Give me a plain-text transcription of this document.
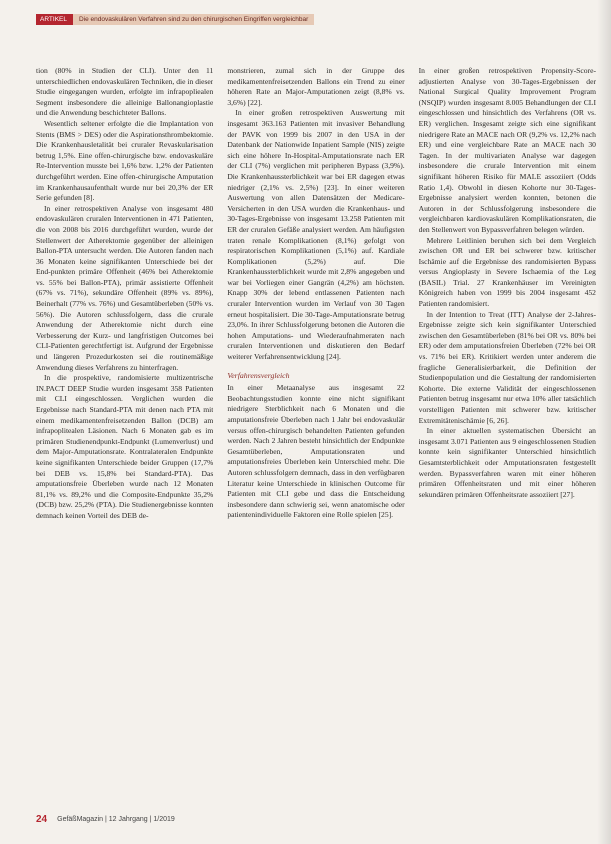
ARTIKEL	Die endovaskulären Verfahren sind zu den chirurgischen Eingriffen vergleichbar

tion (80% in Studien der CLI). Unter den 11 unterschiedlichen endovaskulären Techniken, die in dieser Studie eingegangen wurden, erfolgte im infrapopliealen Segment insbesondere die alleinige Ballonangioplastie und die Anwendung beschichteter Ballons.

Wesentlich seltener erfolgte die die Implantation von Stents (BMS > DES) oder die Aspirationsthrombektomie. Die Krankenhausletalität bei cruraler Revaskularisation betrug 1,5%. Eine offen-chirurgische bzw. endovaskuläre Re-Intervention musste bei 1,6% bzw. 1,2% der Patienten durchgeführt werden. Eine offen-chirurgische Amputation im Krankenhausaufenthalt wurde nur bei 20,3% der ER Serie gefunden [8].

In einer retrospektiven Analyse von insgesamt 480 endovaskulären cruralen Interventionen in 471 Patienten, die von 2008 bis 2016 durchgeführt wurden, wurde der Stellenwert der Atherektomie gegenüber der alleinigen Ballon-PTA untersucht werden. Die Autoren fanden nach 36 Monaten keine signifikanten Unterschiede bei der End-punkten primäre Offenheit (46% bei Atherektomie vs. 55% bei Ballon-PTA), primär assistierte Offenheit (67% vs. 71%), sekundäre Offenheit (89% vs. 89%), Beinerhalt (77% vs. 76%) und Gesamtüberleben (50% vs. 56%). Die Autoren schlussfolgern, dass die crurale Anwendung der Atherektomie nicht durch eine Verbesserung der Kurz- und langfristigen Outcomes bei CLI-Patienten gerechtfertigt ist. Aufgrund der Ergebnisse und längeren Prozedurkosten sei die routinemäßige Anwendung dieses Verfahrens zu hinterfragen.

In die prospektive, randomisierte multizentrische IN.PACT DEEP Studie wurden insgesamt 358 Patienten mit CLI eingeschlossen. Verglichen wurden die Ergebnisse nach Standard-PTA mit denen nach PTA mit einem medikamentenfreisetzenden Ballon (DCB) am infrapoplitealen Läsionen. Nach 6 Monaten gab es im primären Studienendpunkt-Endpunkt (Lumenverlust) und dem Major-Amputationsrate. Kontralateralen Endpunkte keine signifikanten Unterschiede beider Gruppen (17,7% bei DEB vs. 15,8% bei Standard-PTA). Das amputationsfreie Überleben wurde nach 12 Monaten 81,1% vs. 89,2% und die Composite-Endpunkte 35,2% (DCB) bzw. 25,2% (PTA). Die Studienergebnisse konnten demnach keinen Vorteil des DEB de-

monstrieren, zumal sich in der Gruppe des medikamentenfreisetzenden Ballons ein Trend zu einer höheren Rate an Major-Amputationen zeigt (8,8% vs. 3,6%) [22].

In einer großen retrospektiven Auswertung mit insgesamt 363.163 Patienten mit invasiver Behandlung der PAVK von 1999 bis 2007 in den USA in der Datenbank der Nationwide Inpatient Sample (NIS) zeigte sich eine höhere In-Hospital-Amputationsrate nach ER der CLI (7%) verglichen mit peripheren Bypass (3,9%). Die Krankenhaussterblichkeit war bei ER dagegen etwas niedriger (2,1% vs. 2,5%) [23]. In einer weiteren Auswertung von allen Datensätzen der Medicare-Versicherten in den USA wurden die Krankenhaus- und 30-Tages-Ergebnisse von insgesamt 13.258 Patienten mit ER der cruralen Gefäße analysiert werden. Am häufigsten traten renale Komplikationen (8,1%) gefolgt von respiratorischen Komplikationen (5,1%) auf. Kardiale Komplikationen (5,2%) auf. Die Krankenhaussterblichkeit wurde mit 2,8% angegeben und war bei Vorliegen einer Gangrän (4,2%) am höchsten. Knapp 30% der lebend entlassenen Patienten nach cruraler Intervention wurden im Verlauf von 30 Tagen erneut hospitalisiert. Die 30-Tage-Amputationsrate betrug 23,0%. In ihrer Schlussfolgerung betonen die Autoren die hohen Amputations- und Wiederaufnahmeraten nach cruralen Interventionen und diskutieren den Bedarf weiterer Verfahrensentwicklung [24].

Verfahrensvergleich

In einer Metaanalyse aus insgesamt 22 Beobachtungsstudien konnte eine nicht signifikant niedrigere Sterblichkeit nach 6 Monaten und die amputationsfreie Überleben nach 1 Jahr bei endovaskulär versus offen-chirurgisch behandelten Patienten gefunden werden. Nach 2 Jahren besteht hinsichtlich der Endpunkte Gesamtüberleben, Amputationsraten und amputationsfreies Überleben kein Unterschied mehr. Die Autoren schlussfolgern demnach, dass in den verfügbaren Literatur keine Unterschiede in klinischen Outcome für Patienten mit CLI gebe und dass die Entscheidung insbesondere dann schwierig sei, wenn anatomische oder patientenindividuelle Faktoren eine Rolle spielen [25].

In einer großen retrospektiven Propensity-Score-adjustierten Analyse von 30-Tages-Ergebnissen der National Surgical Quality Improvement Program (NSQIP) wurden insgesamt 8.005 Behandlungen der CLI eingeschlossen und hinsichtlich des Verfahrens (OR vs. ER) verglichen. Insgesamt zeigte sich eine signifikant niedrigere Rate an MACE nach OR (9,2% vs. 12,2% nach ER) und eine vergleichbare Rate an MACE nach 30 Tagen. In der multivariaten Analyse war dagegen insbesondere die crurale Intervention mit einem signifikant höheren Risiko für MALE assoziiert (Odds Ratio 1,4). Obwohl in diesen Kohorte nur 30-Tages-Ergebnisse analysiert werden konnten, betonen die Autoren in der Schlussfolgerung insbesondere die vergleichbaren kardiovaskulären Komplikationsraten, die den Stellenwert von Bypassverfahren belegen würden.

Mehrere Leitlinien beruhen sich bei dem Vergleich zwischen OR und ER bei schwerer bzw. kritischer Ischämie auf die Ergebnisse des randomisierten Bypass versus Angioplasty in Severe Ischaemia of the Leg (BASIL) Trial. 27 Krankenhäuser im Vereinigten Königreich haben von 1999 bis 2004 insgesamt 452 Patienten randomisiert.

In der Intention to Treat (ITT) Analyse der 2-Jahres-Ergebnisse zeigte sich kein signifikanter Unterschied zwischen den Gesamtüberleben (81% bei OR vs. 80% bei ER) oder dem amputationsfreien Überleben (72% bei OR vs. 71% bei ER). Kritikiert werden unter anderem die fragliche Generalisierbarkeit, die Definition der Studienpopulation und die Gestaltung der randomisierten Kohorte. Die externe Validität der eingeschlossenen Patienten betrug insgesamt nur etwa 10% aller tatsächlich vorstelligen Patienten mit schwerer bzw. kritischer Extremitätenischämie [6, 26].

In einer aktuellen systematischen Übersicht an insgesamt 3.071 Patienten aus 9 eingeschlossenen Studien konnte kein signifikanter Unterschied hinsichtlich Gesamtsterblichkeit oder Amputationsraten festgestellt werden. Bypassverfahren waren mit einer höheren primären Offenheitsraten und mit einer höheren sekundären primären Offenheitsrate assoziiert [27].

24 GefäßMagazin | 12 Jahrgang | 1/2019
